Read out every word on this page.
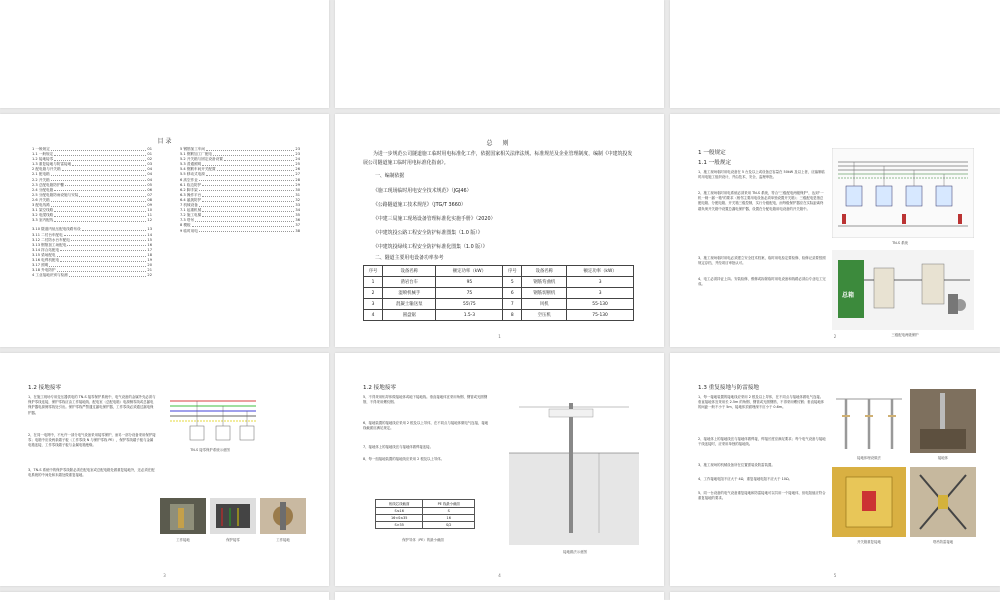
目 录
1 一般规定	01
1.1 一般规定	01
1.2 接地接零	02
1.3 重复接地与防雷接地	03
2 配电箱与开关箱	04
2.1 配电箱	04
2.2 开关箱	04
2.3 总配电箱防护棚	05
2.4 分配电箱	06
2.5 分配电箱防雨设施与安装	07
2.6 开关箱	08
3 配电线路	09
3.1 架空线路	10
3.2 电缆线路	11
3.3 室内配线	12
3.10 隧道内低压配电线路布设	13
3.11 二衬台车配电	14
3.12 二衬防水台车配电	15
3.13 钢筋加工场配电	16
3.14 拌合站配电	17
3.15 梁场配电	18
3.16 电焊机配电	19
3.17 照明	20
3.18 外电防护	21
4 工业接地识别与检测	22
5 钢筋加工车间	23
5.1 钢筋加工厂配电	23
5.2 开关箱与固定设备设置	24
5.3 普通照明	25
5.4 钢筋车间开关配置	26
5.5 移动式电源	27
6 高空作业	28
6.1 临边防护	29
6.2 脚手架	30
6.3 操作平台	31
6.4 悬挑防护	32
7 机械设备	33
7.1 起重机械	34
7.2 施工电梯	35
7.3 塔吊	36
8 模板	37
9 临时用电	38
总 则
为进一步规范公司隧道施工临时用电标准化工作，依据国家相关法律法规、标准规范及企业管理制度，编制《中建筑投发展公司隧道施工临时用电标准化指南》。
一、编制依据
《施工现场临时用电安全技术规范》（JGJ46）
《公路隧道施工技术规范》（JTG/T 3660）
《中建三局施工现场设备管理标准化实施手册》（2020）
《中建筑投公路工程安全防护标准图集（1.0 版）》
《中建筑投绿线工程安全防护标准化图集（1.0 版）》
二、隧道主要用电设备功率参考
序号	设备名称	额定功率（kW）	序号	设备名称	额定功率（kW）
1	凿岩台车	95	5	钢筋弯曲机	3
2	湿喷机械手	75	6	钢筋切断机	3
3	混凝土输送泵	55\75	7	风机	55-130
4	圆盘锯	1.5-3	8	空压机	75-130
1
1 一般规定
1.1 一般规定
1、施工现场临时用电设备在 5 台及以上或设备总容量在 50kW 及以上者，应编制临时用电施工组织设计，并由技术、安全、监理审批。
2、施工现场临时用电系统必须采用 TN-S 系统，符合"三级配电两级保护"，达到"一机一闸一漏一箱"的要求（相邻主要用电设备必须单独设置开关箱）；三级配电是指总配电箱、分配电箱、开关箱三级控制，实行分级配电，而每级保护器应在实际距离终端负荷开关箱中设置总漏电保护器，设置在分配电箱用电设备的开关箱中。
3、施工现场临时用电必须建立安全技术档案，临时用电检定要检修、检修记录要按照规定存档，并经项目审批认可。
4、电工必须持证上岗。安装检修、维修或拆除临时用电设备和线路必须由专业电工完成。
TN-S 系统
总箱
三级配电两级保护
2
1.2 接地接零
1、在施工现场专用变压器供电的 TN-S 接零保护系统中，电气设备的金属外壳必须与保护零线连接，保护零线应由工作接地线、配电室（总配电箱）电源侧零线或总漏电保护器电源侧零线处引出。保护零线严禁通过漏电保护器，工作零线必须通过漏电保护器。
2、在同一电网中，不允许一部分电气设备采用接零保护，而另一部分设备采用保护接零；电箱中应设两条端子板（工作零线 N 与保护零线 PE），保护零线端子板与金属电箱连接，工作零线端子板与金属电箱绝缘。
3、TN-S 系统中的保护零线除必须在配电室或总配电箱处做重复接地外，还必须在配电系统的中间处和末端处做重复接地。
TN-S 接零保护系统示意图
工作接地	保护接零	工作接地
3
1.2 接地接零
5、不得采用铝导体做接地体或地下接地线。垂直接地体宜采用角钢、钢管或光圆钢筋，不得采用螺纹钢。
6、接地装置的接地线应采用 2 根及以上导体，在不同点与接地体做电气连接，接地线截面应满足规定。
7、接地体上的接地线宜与接地体做焊接连接。
8、每一组接地装置的接地线应采用 2 根及以上导体。
相线芯线截面	PE 线最小截面
S≤16	S
16<S≤35	16
S>35	S/2
保护导体（PE）的最小截面
接地做法示意图
4
1.3 重复接地与防雷接地
1、每一接地装置的接地线应采用 2 根及以上导体，在不同点与接地体做电气连接。垂直接地体宜采用长 2.5m 的角钢、钢管或光圆钢筋，不得采用螺纹钢；垂直接地体的间距一般不小于 5m，接地体顶面埋深不应小于 0.6m。
2、接地体上的接地线宜与接地体做焊接，焊接长度应满足要求；每个电气设备与接地干线连接时，应采用单独的接地线。
3、施工现场的机械设备所在位置需装设防雷装置。
4、工作接地电阻不应大于 4Ω，重复接地电阻不应大于 10Ω。
5、同一台设备的电气设备重复接地和防雷接地可以共用一个接地体，但电阻值应符合重复接地的要求。
接地体埋设做法	接地体
开关箱重复接地	塔吊防雷接地
5
